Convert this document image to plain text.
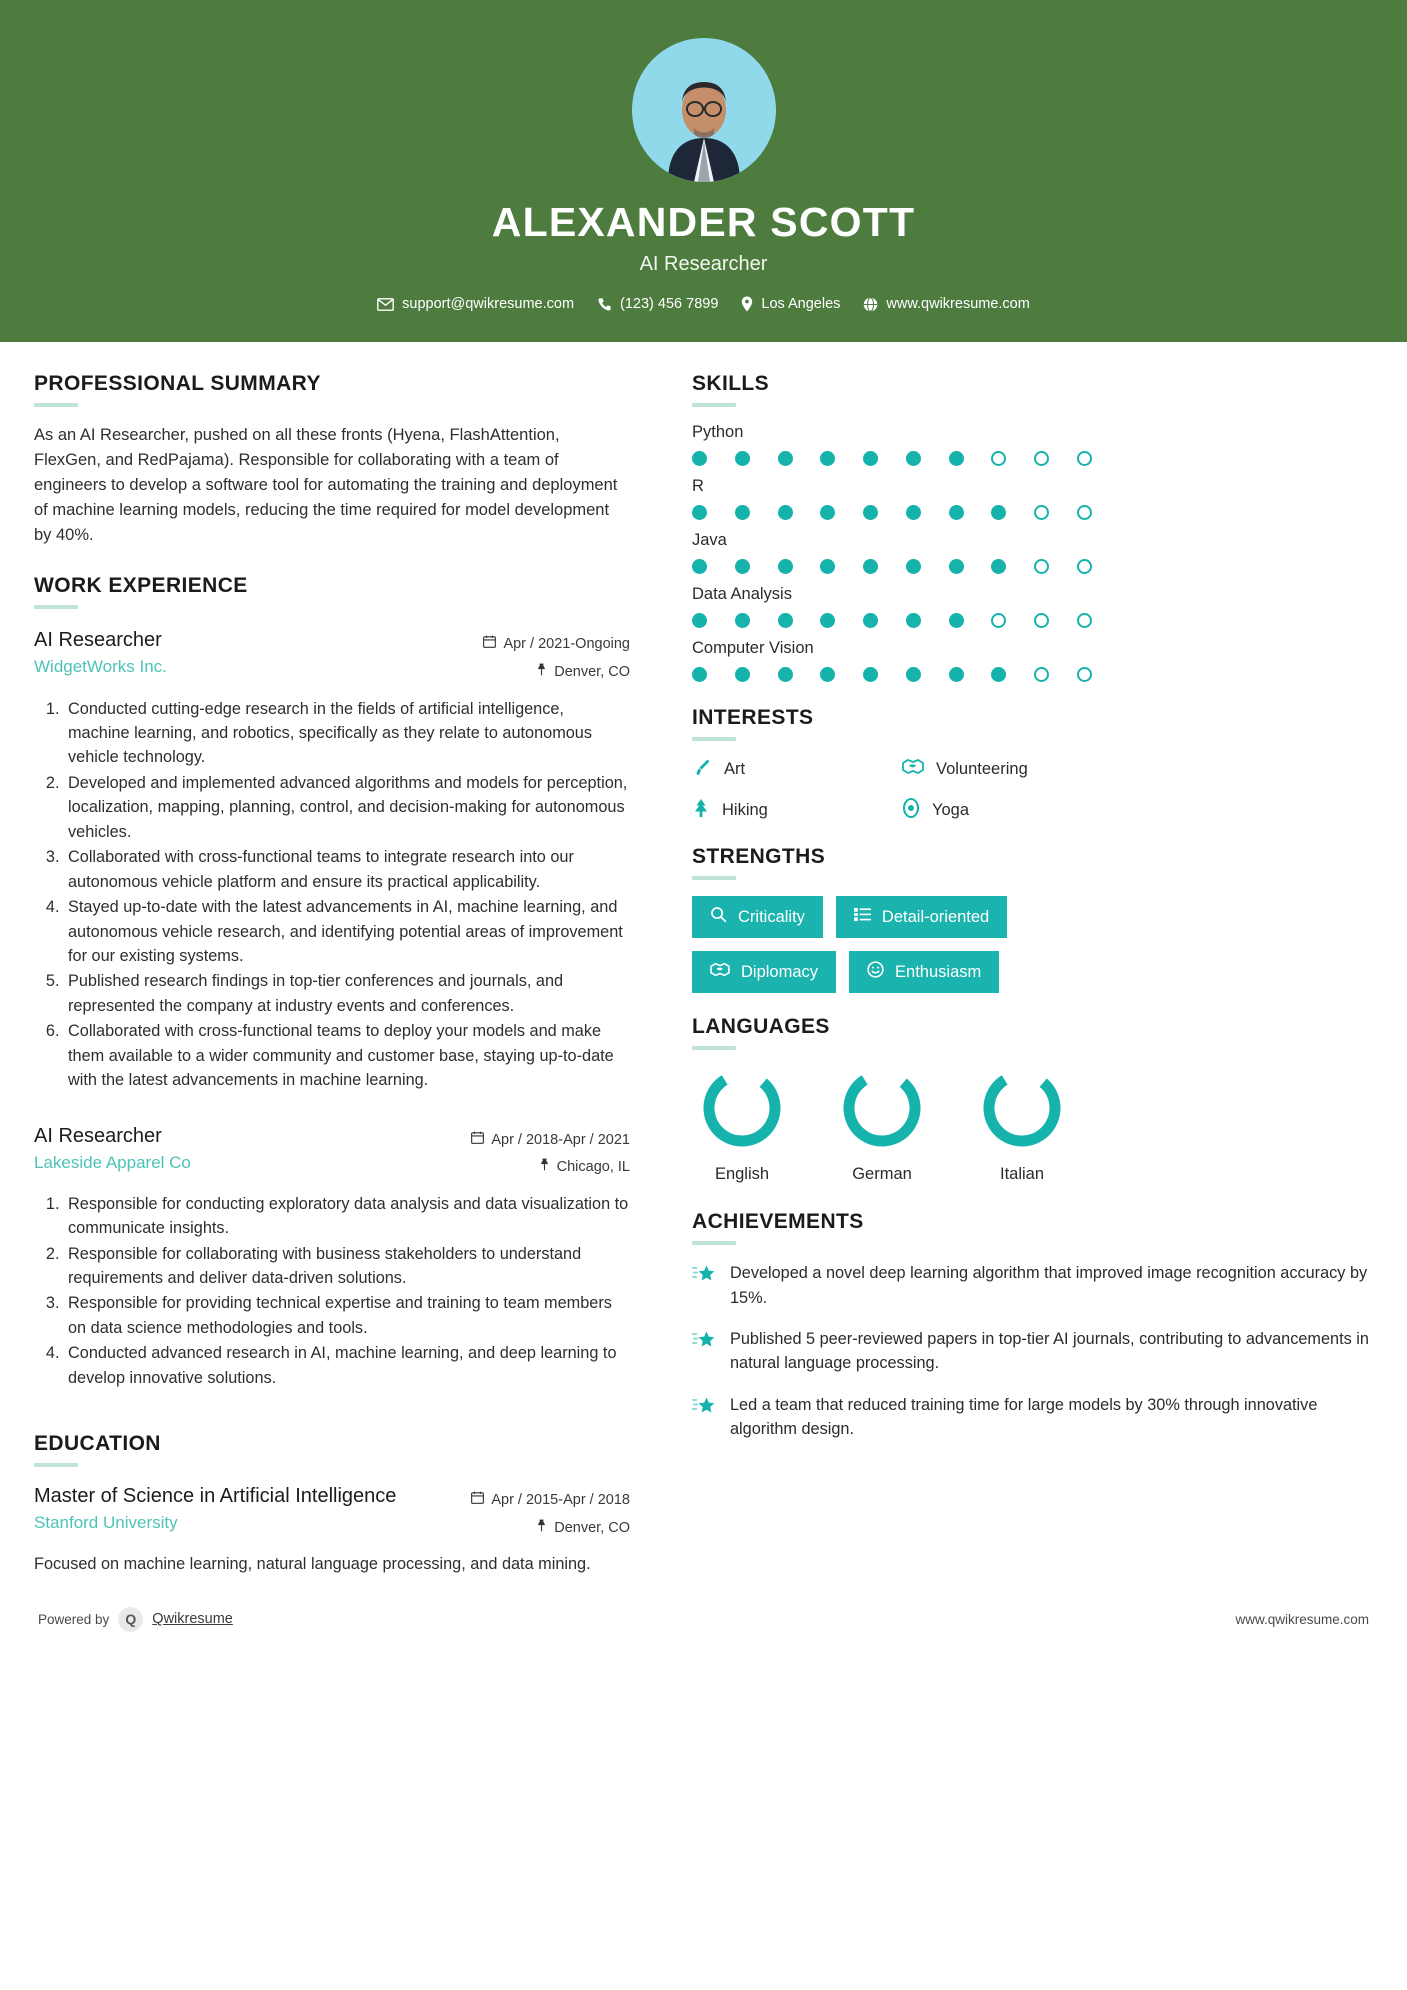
ALEXANDER SCOTT
AI Researcher
support@qwikresume.com	(123) 456 7899	Los Angeles	www.qwikresume.com
PROFESSIONAL SUMMARY
As an AI Researcher, pushed on all these fronts (Hyena, FlashAttention, FlexGen, and RedPajama). Responsible for collaborating with a team of engineers to develop a software tool for automating the training and deployment of machine learning models, reducing the time required for model development by 40%.
WORK EXPERIENCE
AI Researcher
WidgetWorks Inc.
Apr / 2021-Ongoing
Denver, CO
1. Conducted cutting-edge research in the fields of artificial intelligence, machine learning, and robotics, specifically as they relate to autonomous vehicle technology.
2. Developed and implemented advanced algorithms and models for perception, localization, mapping, planning, control, and decision-making for autonomous vehicles.
3. Collaborated with cross-functional teams to integrate research into our autonomous vehicle platform and ensure its practical applicability.
4. Stayed up-to-date with the latest advancements in AI, machine learning, and autonomous vehicle research, and identifying potential areas of improvement for our existing systems.
5. Published research findings in top-tier conferences and journals, and represented the company at industry events and conferences.
6. Collaborated with cross-functional teams to deploy your models and make them available to a wider community and customer base, staying up-to-date with the latest advancements in machine learning.
AI Researcher
Lakeside Apparel Co
Apr / 2018-Apr / 2021
Chicago, IL
1. Responsible for conducting exploratory data analysis and data visualization to communicate insights.
2. Responsible for collaborating with business stakeholders to understand requirements and deliver data-driven solutions.
3. Responsible for providing technical expertise and training to team members on data science methodologies and tools.
4. Conducted advanced research in AI, machine learning, and deep learning to develop innovative solutions.
EDUCATION
Master of Science in Artificial Intelligence
Stanford University
Apr / 2015-Apr / 2018
Denver, CO
Focused on machine learning, natural language processing, and data mining.
SKILLS
Python
R
Java
Data Analysis
Computer Vision
INTERESTS
Art	Volunteering
Hiking	Yoga
STRENGTHS
Criticality	Detail-oriented
Diplomacy	Enthusiasm
LANGUAGES
English	German	Italian
ACHIEVEMENTS
Developed a novel deep learning algorithm that improved image recognition accuracy by 15%.
Published 5 peer-reviewed papers in top-tier AI journals, contributing to advancements in natural language processing.
Led a team that reduced training time for large models by 30% through innovative algorithm design.
Powered by	Q	Qwikresume	www.qwikresume.com
